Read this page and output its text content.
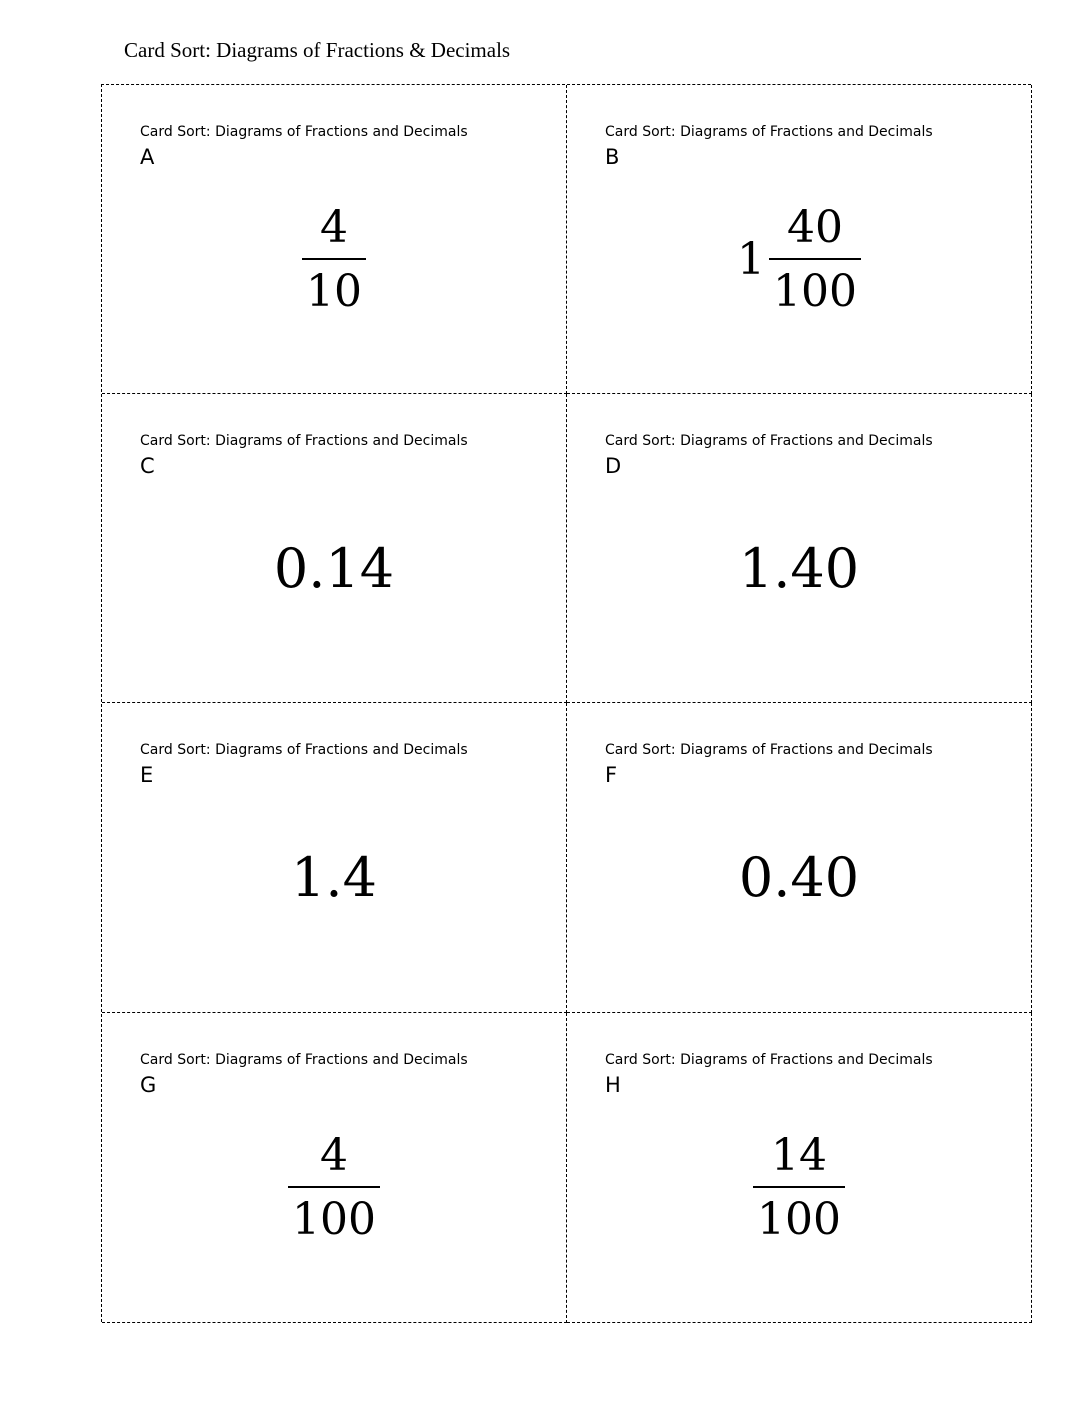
Card Sort: Diagrams of Fractions & Decimals
Card Sort: Diagrams of Fractions and Decimals
A
$\frac{4}{10}$
Card Sort: Diagrams of Fractions and Decimals
B
$1 \frac{40}{100}$
Card Sort: Diagrams of Fractions and Decimals
C
0.14
Card Sort: Diagrams of Fractions and Decimals
D
1.40
Card Sort: Diagrams of Fractions and Decimals
E
1.4
Card Sort: Diagrams of Fractions and Decimals
F
0.40
Card Sort: Diagrams of Fractions and Decimals
G
$\frac{4}{100}$
Card Sort: Diagrams of Fractions and Decimals
H
$\frac{14}{100}$
